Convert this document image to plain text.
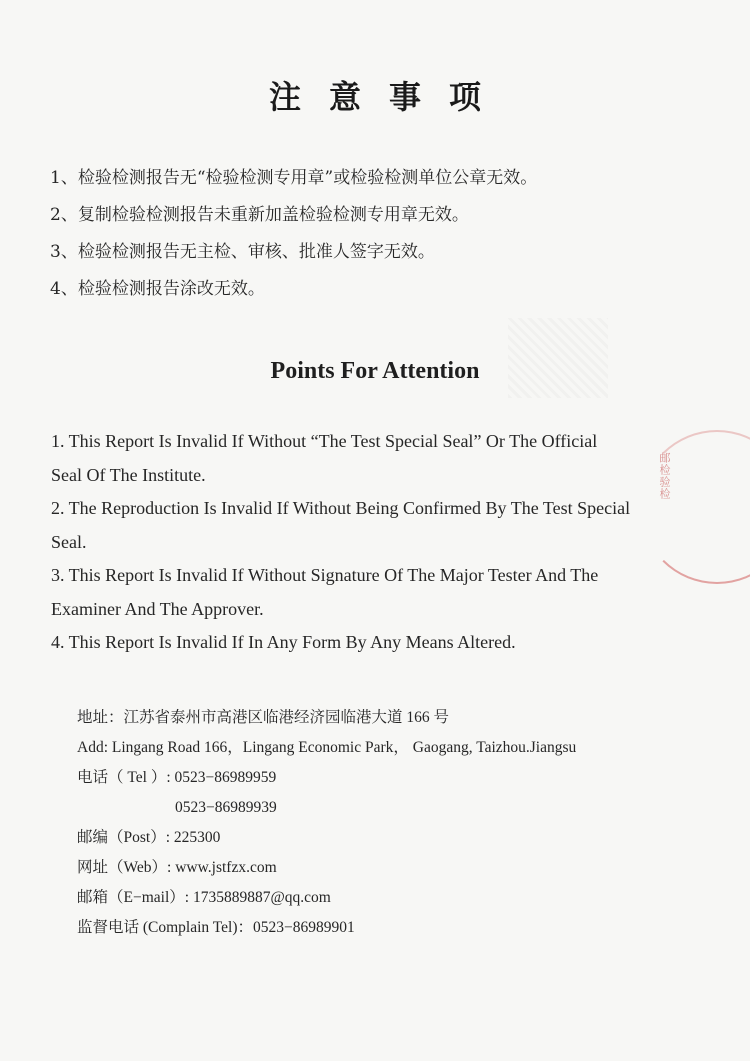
邮检验检
注意事项
1、检验检测报告无“检验检测专用章”或检验检测单位公章无效。
2、复制检验检测报告未重新加盖检验检测专用章无效。
3、检验检测报告无主检、审核、批准人签字无效。
4、检验检测报告涂改无效。
Points For Attention
1. This Report Is Invalid If Without “The Test Special Seal” Or The Official
Seal Of The Institute.
2. The Reproduction Is Invalid If Without Being Confirmed By The Test Special
Seal.
3. This Report Is Invalid If Without Signature Of The Major Tester And The
Examiner And The Approver.
4. This Report Is Invalid If In Any Form By Any Means Altered.
地址：江苏省泰州市高港区临港经济园临港大道 166 号
Add: Lingang Road 166，Lingang Economic Park， Gaogang, Taizhou.Jiangsu
电话（ Tel ）: 0523−86989959
0523−86989939
邮编（Post）: 225300
网址（Web）: www.jstfzx.com
邮箱（E−mail）: 1735889887@qq.com
监督电话 (Complain Tel)：0523−86989901
